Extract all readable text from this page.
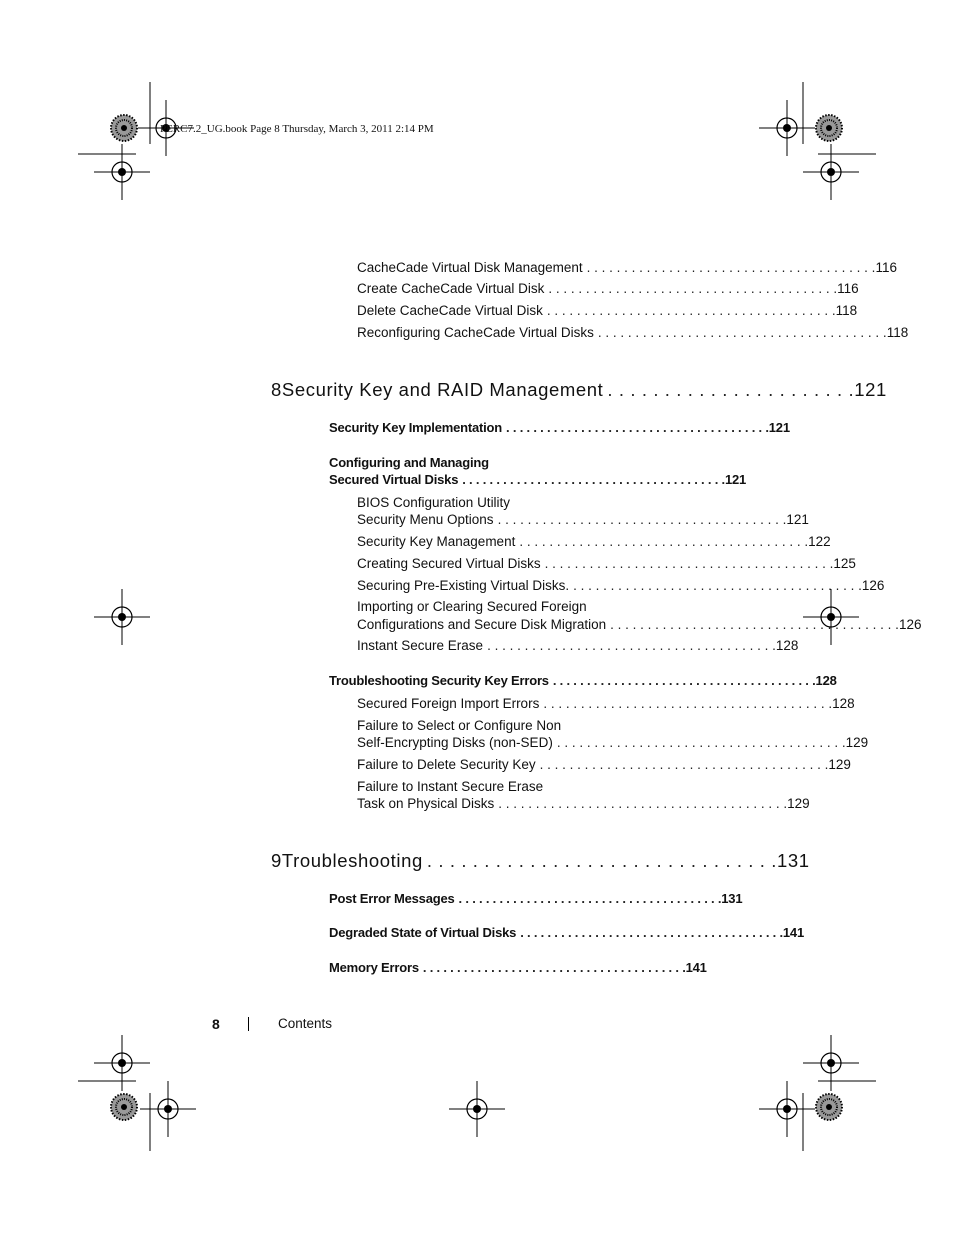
PERC7.2_UG.book Page 8 Thursday, March 3, 2011 2:14 PM
CacheCade Virtual Disk Management . . . . . . . . . . . . . . . . . . . . . . . . . . . . . . . . . . . . . . . 116
Create CacheCade Virtual Disk . . . . . . . . . . . . . . . . . . . . . . . . . . . . . . . . . . . . . . . 116
Delete CacheCade Virtual Disk . . . . . . . . . . . . . . . . . . . . . . . . . . . . . . . . . . . . . . . 118
Reconfiguring CacheCade Virtual Disks . . . . . . . . . . . . . . . . . . . . . . . . . . . . . . . . . . . . . . . 118
8 Security Key and RAID Management . . . . . . . . . . . . . . . . . . . . . . 121
Security Key Implementation . . . . . . . . . . . . . . . . . . . . . . . . . . . . . . . . . . . . . . . 121
Configuring and Managing
Secured Virtual Disks . . . . . . . . . . . . . . . . . . . . . . . . . . . . . . . . . . . . . . . 121
BIOS Configuration Utility
Security Menu Options . . . . . . . . . . . . . . . . . . . . . . . . . . . . . . . . . . . . . . . 121
Security Key Management . . . . . . . . . . . . . . . . . . . . . . . . . . . . . . . . . . . . . . . 122
Creating Secured Virtual Disks . . . . . . . . . . . . . . . . . . . . . . . . . . . . . . . . . . . . . . . 125
Securing Pre-Existing Virtual Disks. . . . . . . . . . . . . . . . . . . . . . . . . . . . . . . . . . . . . . . . 126
Importing or Clearing Secured Foreign
Configurations and Secure Disk Migration . . . . . . . . . . . . . . . . . . . . . . . . . . . . . . . . . . . . . . . 126
Instant Secure Erase . . . . . . . . . . . . . . . . . . . . . . . . . . . . . . . . . . . . . . . 128
Troubleshooting Security Key Errors . . . . . . . . . . . . . . . . . . . . . . . . . . . . . . . . . . . . . . . 128
Secured Foreign Import Errors . . . . . . . . . . . . . . . . . . . . . . . . . . . . . . . . . . . . . . . 128
Failure to Select or Configure Non
Self-Encrypting Disks (non-SED) . . . . . . . . . . . . . . . . . . . . . . . . . . . . . . . . . . . . . . . 129
Failure to Delete Security Key . . . . . . . . . . . . . . . . . . . . . . . . . . . . . . . . . . . . . . . 129
Failure to Instant Secure Erase
Task on Physical Disks . . . . . . . . . . . . . . . . . . . . . . . . . . . . . . . . . . . . . . . 129
9 Troubleshooting . . . . . . . . . . . . . . . . . . . . . . . . . . . . . . . 131
Post Error Messages . . . . . . . . . . . . . . . . . . . . . . . . . . . . . . . . . . . . . . . 131
Degraded State of Virtual Disks . . . . . . . . . . . . . . . . . . . . . . . . . . . . . . . . . . . . . . . 141
Memory Errors . . . . . . . . . . . . . . . . . . . . . . . . . . . . . . . . . . . . . . . 141
8	Contents
